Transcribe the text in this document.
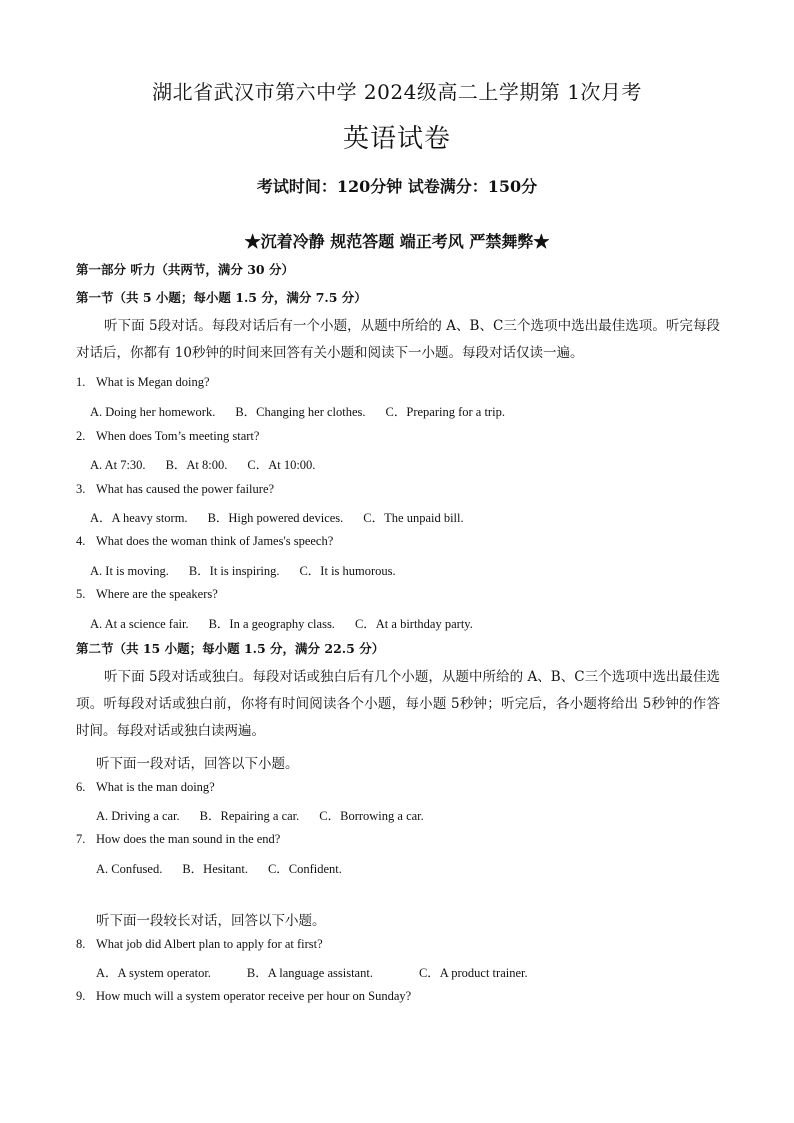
湖北省武汉市第六中学 2024级高二上学期第 1次月考
英语试卷
考试时间：120分钟 试卷满分：150分
★沉着冷静 规范答题 端正考风 严禁舞弊★
第一部分 听力（共两节，满分 30 分）
第一节（共 5 小题；每小题 1.5 分，满分 7.5 分）
听下面 5段对话。每段对话后有一个小题，从题中所给的 A、B、C三个选项中选出最佳选项。听完每段对话后，你都有 10秒钟的时间来回答有关小题和阅读下一小题。每段对话仅读一遍。
1. What is Megan doing?
A. Doing her homework. B．Changing her clothes. C．Preparing for a trip.
2. When does Tom’s meeting start?
A. At 7:30. B．At 8:00. C．At 10:00.
3. What has caused the power failure?
A．A heavy storm. B．High powered devices. C．The unpaid bill.
4. What does the woman think of James's speech?
A. It is moving. B．It is inspiring. C．It is humorous.
5. Where are the speakers?
A. At a science fair. B．In a geography class. C．At a birthday party.
第二节（共 15 小题；每小题 1.5 分，满分 22.5 分）
听下面 5段对话或独白。每段对话或独白后有几个小题，从题中所给的 A、B、C三个选项中选出最佳选项。听每段对话或独白前，你将有时间阅读各个小题，每小题 5秒钟；听完后，各小题将给出 5秒钟的作答时间。每段对话或独白读两遍。
听下面一段对话，回答以下小题。
6. What is the man doing?
A. Driving a car. B．Repairing a car. C．Borrowing a car.
7. How does the man sound in the end?
A. Confused. B．Hesitant. C．Confident.
听下面一段较长对话，回答以下小题。
8. What job did Albert plan to apply for at first?
A．A system operator.	B．A language assistant.	C．A product trainer.
9. How much will a system operator receive per hour on Sunday?
